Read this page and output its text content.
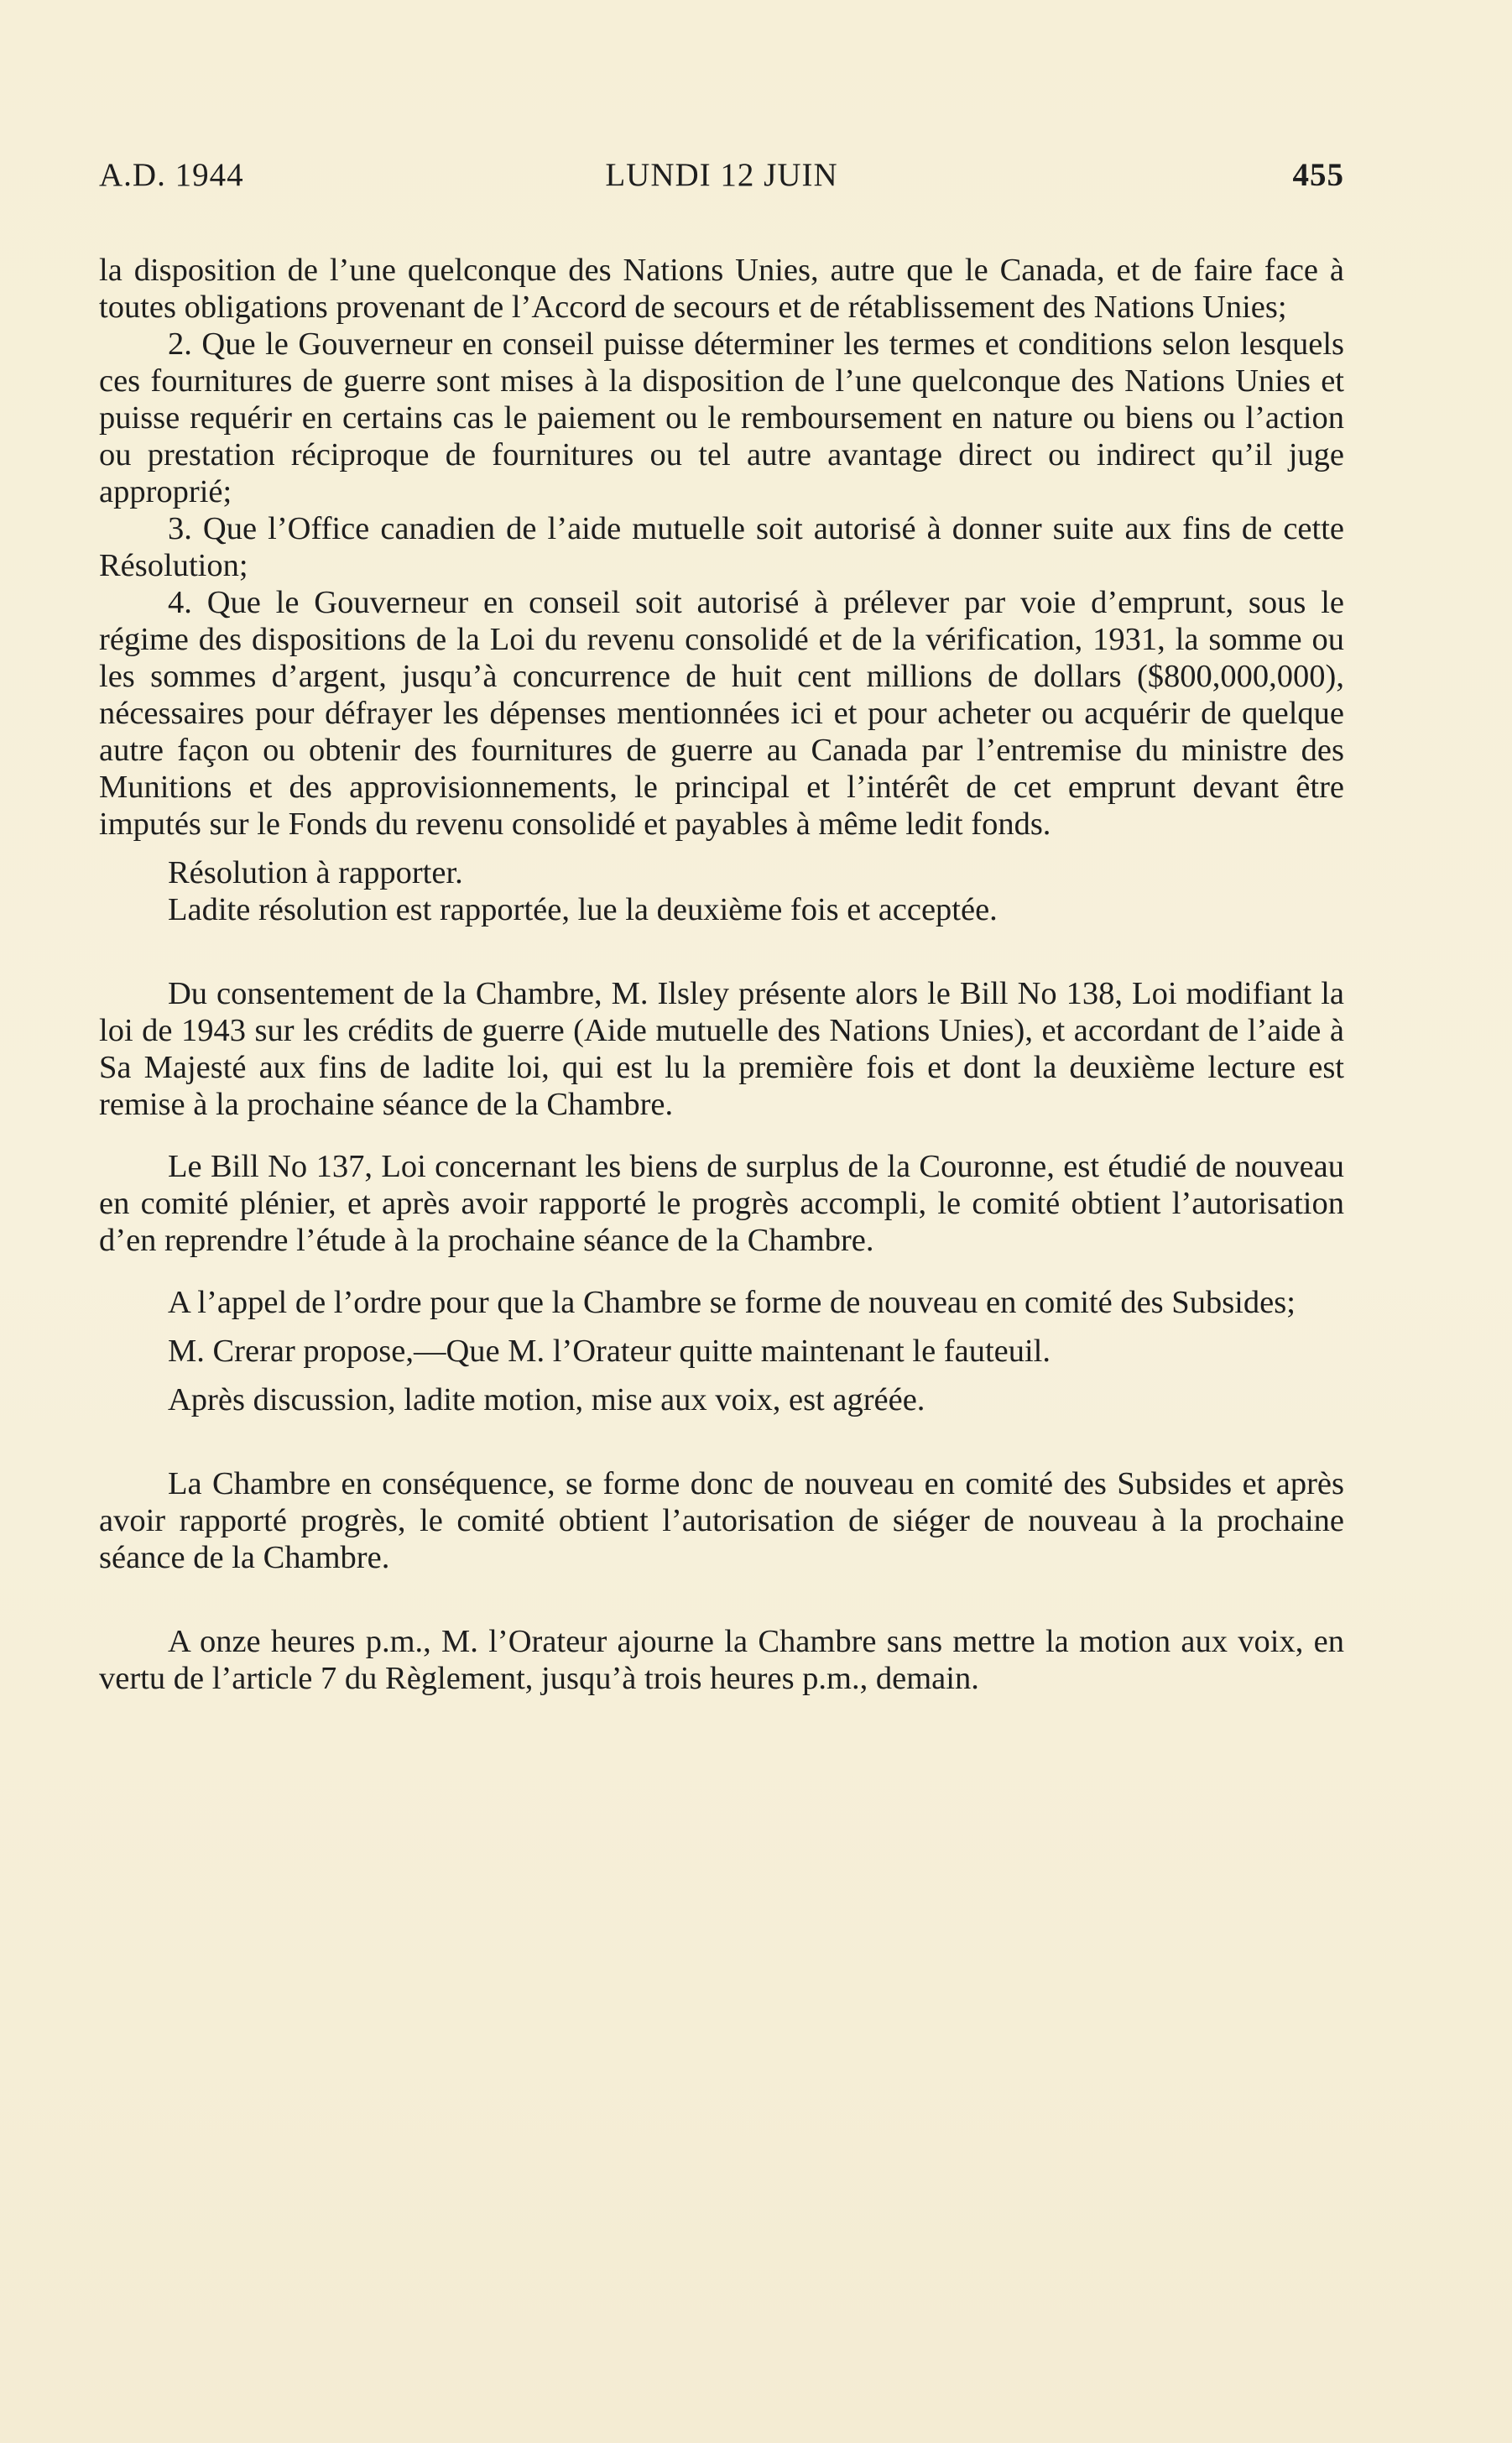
A.D. 1944	LUNDI 12 JUIN	455

la disposition de l’une quelconque des Nations Unies, autre que le Canada, et de faire face à toutes obligations provenant de l’Accord de secours et de rétablissement des Nations Unies;

2. Que le Gouverneur en conseil puisse déterminer les termes et conditions selon lesquels ces fournitures de guerre sont mises à la disposition de l’une quelconque des Nations Unies et puisse requérir en certains cas le paiement ou le remboursement en nature ou biens ou l’action ou prestation réciproque de fournitures ou tel autre avantage direct ou indirect qu’il juge approprié;

3. Que l’Office canadien de l’aide mutuelle soit autorisé à donner suite aux fins de cette Résolution;

4. Que le Gouverneur en conseil soit autorisé à prélever par voie d’emprunt, sous le régime des dispositions de la Loi du revenu consolidé et de la vérification, 1931, la somme ou les sommes d’argent, jusqu’à concurrence de huit cent millions de dollars ($800,000,000), nécessaires pour défrayer les dépenses mentionnées ici et pour acheter ou acquérir de quelque autre façon ou obtenir des fournitures de guerre au Canada par l’entremise du ministre des Munitions et des approvisionnements, le principal et l’intérêt de cet emprunt devant être imputés sur le Fonds du revenu consolidé et payables à même ledit fonds.

Résolution à rapporter.

Ladite résolution est rapportée, lue la deuxième fois et acceptée.

Du consentement de la Chambre, M. Ilsley présente alors le Bill No 138, Loi modifiant la loi de 1943 sur les crédits de guerre (Aide mutuelle des Nations Unies), et accordant de l’aide à Sa Majesté aux fins de ladite loi, qui est lu la première fois et dont la deuxième lecture est remise à la prochaine séance de la Chambre.

Le Bill No 137, Loi concernant les biens de surplus de la Couronne, est étudié de nouveau en comité plénier, et après avoir rapporté le progrès accompli, le comité obtient l’autorisation d’en reprendre l’étude à la prochaine séance de la Chambre.

A l’appel de l’ordre pour que la Chambre se forme de nouveau en comité des Subsides;

M. Crerar propose,—Que M. l’Orateur quitte maintenant le fauteuil.

Après discussion, ladite motion, mise aux voix, est agréée.

La Chambre en conséquence, se forme donc de nouveau en comité des Subsides et après avoir rapporté progrès, le comité obtient l’autorisation de siéger de nouveau à la prochaine séance de la Chambre.

A onze heures p.m., M. l’Orateur ajourne la Chambre sans mettre la motion aux voix, en vertu de l’article 7 du Règlement, jusqu’à trois heures p.m., demain.
